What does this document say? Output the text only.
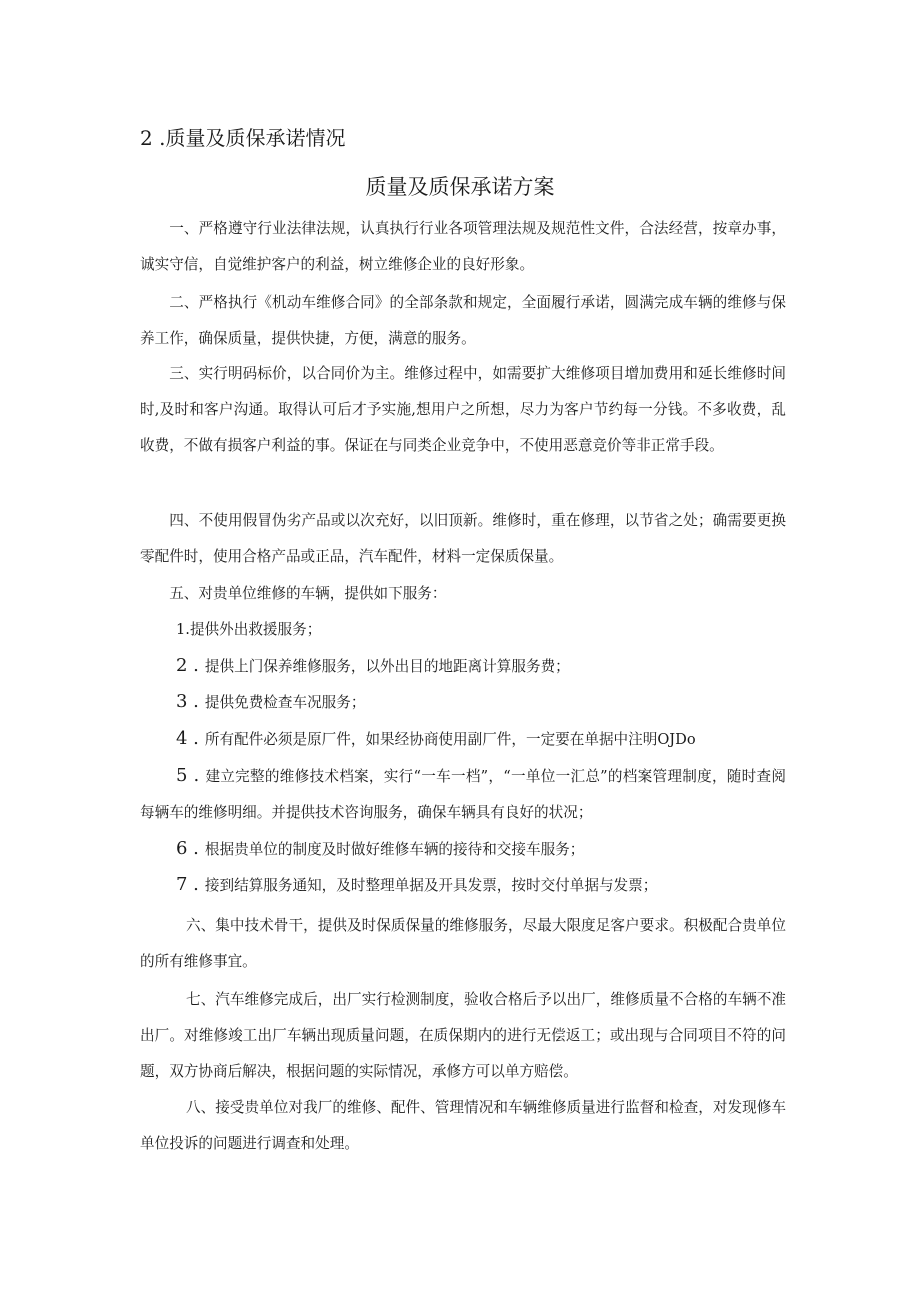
2 .质量及质保承诺情况
质量及质保承诺方案

一、严格遵守行业法律法规，认真执行行业各项管理法规及规范性文件，合法经营，按章办事，诚实守信，自觉维护客户的利益，树立维修企业的良好形象。

二、严格执行《机动车维修合同》的全部条款和规定，全面履行承诺，圆满完成车辆的维修与保养工作，确保质量，提供快捷，方便，满意的服务。

三、实行明码标价，以合同价为主。维修过程中，如需要扩大维修项目增加费用和延长维修时间时,及时和客户沟通。取得认可后才予实施,想用户之所想，尽力为客户节约每一分钱。不多收费，乱收费，不做有损客户利益的事。保证在与同类企业竞争中，不使用恶意竞价等非正常手段。

四、不使用假冒伪劣产品或以次充好，以旧顶新。维修时，重在修理，以节省之处；确需要更换零配件时，使用合格产品或正品，汽车配件，材料一定保质保量。

五、对贵单位维修的车辆，提供如下服务：

1.提供外出救援服务；
2 . 提供上门保养维修服务，以外出目的地距离计算服务费；
3 . 提供免费检查车况服务；
4 . 所有配件必须是原厂件，如果经协商使用副厂件，一定要在单据中注明OJDo
5 . 建立完整的维修技术档案，实行“一车一档”，“一单位一汇总”的档案管理制度，随时查阅每辆车的维修明细。并提供技术咨询服务，确保车辆具有良好的状况；
6 . 根据贵单位的制度及时做好维修车辆的接待和交接车服务；
7 . 接到结算服务通知，及时整理单据及开具发票，按时交付单据与发票；

六、集中技术骨干，提供及时保质保量的维修服务，尽最大限度足客户要求。积极配合贵单位的所有维修事宜。

七、汽车维修完成后，出厂实行检测制度，验收合格后予以出厂，维修质量不合格的车辆不准出厂。对维修竣工出厂车辆出现质量问题，在质保期内的进行无偿返工；或出现与合同项目不符的问题，双方协商后解决，根据问题的实际情况，承修方可以单方赔偿。

八、接受贵单位对我厂的维修、配件、管理情况和车辆维修质量进行监督和检查，对发现修车单位投诉的问题进行调查和处理。
